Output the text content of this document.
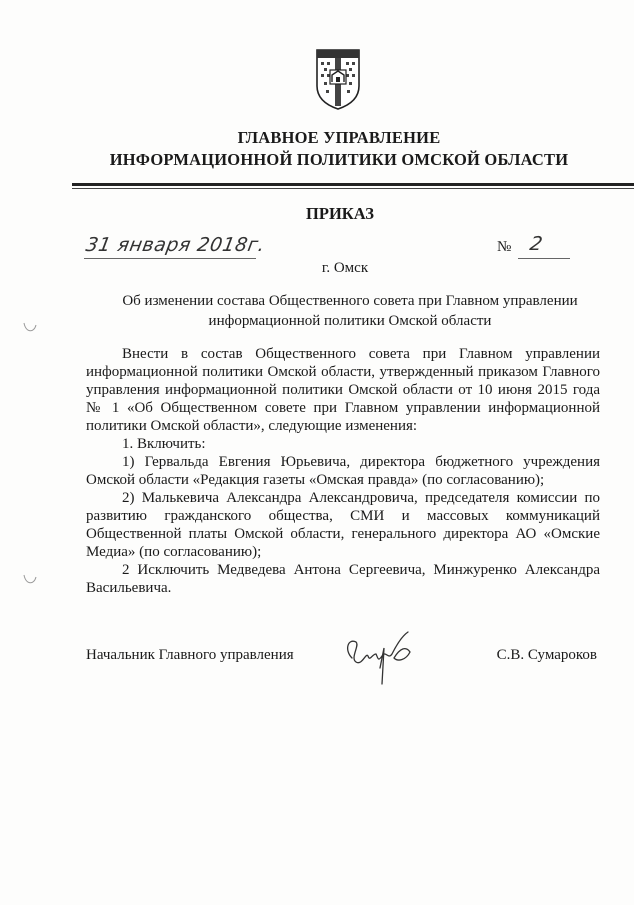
ГЛАВНОЕ УПРАВЛЕНИЕ
ИНФОРМАЦИОННОЙ ПОЛИТИКИ ОМСКОЙ ОБЛАСТИ
ПРИКАЗ
31 января 2018г.	№ 2
г. Омск
Об изменении состава Общественного совета при Главном управлении
информационной политики Омской области

Внести в состав Общественного совета при Главном управлении информационной политики Омской области, утвержденный приказом Главного управления информационной политики Омской области от 10 июня 2015 года № 1 «Об Общественном совете при Главном управлении информационной политики Омской области», следующие изменения:

1. Включить:

1) Гервальда Евгения Юрьевича, директора бюджетного учреждения Омской области «Редакция газеты «Омская правда» (по согласованию);

2) Малькевича Александра Александровича, председателя комиссии по развитию гражданского общества, СМИ и массовых коммуникаций Общественной платы Омской области, генерального директора АО «Омские Медиа» (по согласованию);

2 Исключить Медведева Антона Сергеевича, Минжуренко Александра Васильевича.

Начальник Главного управления	С.В. Сумароков
